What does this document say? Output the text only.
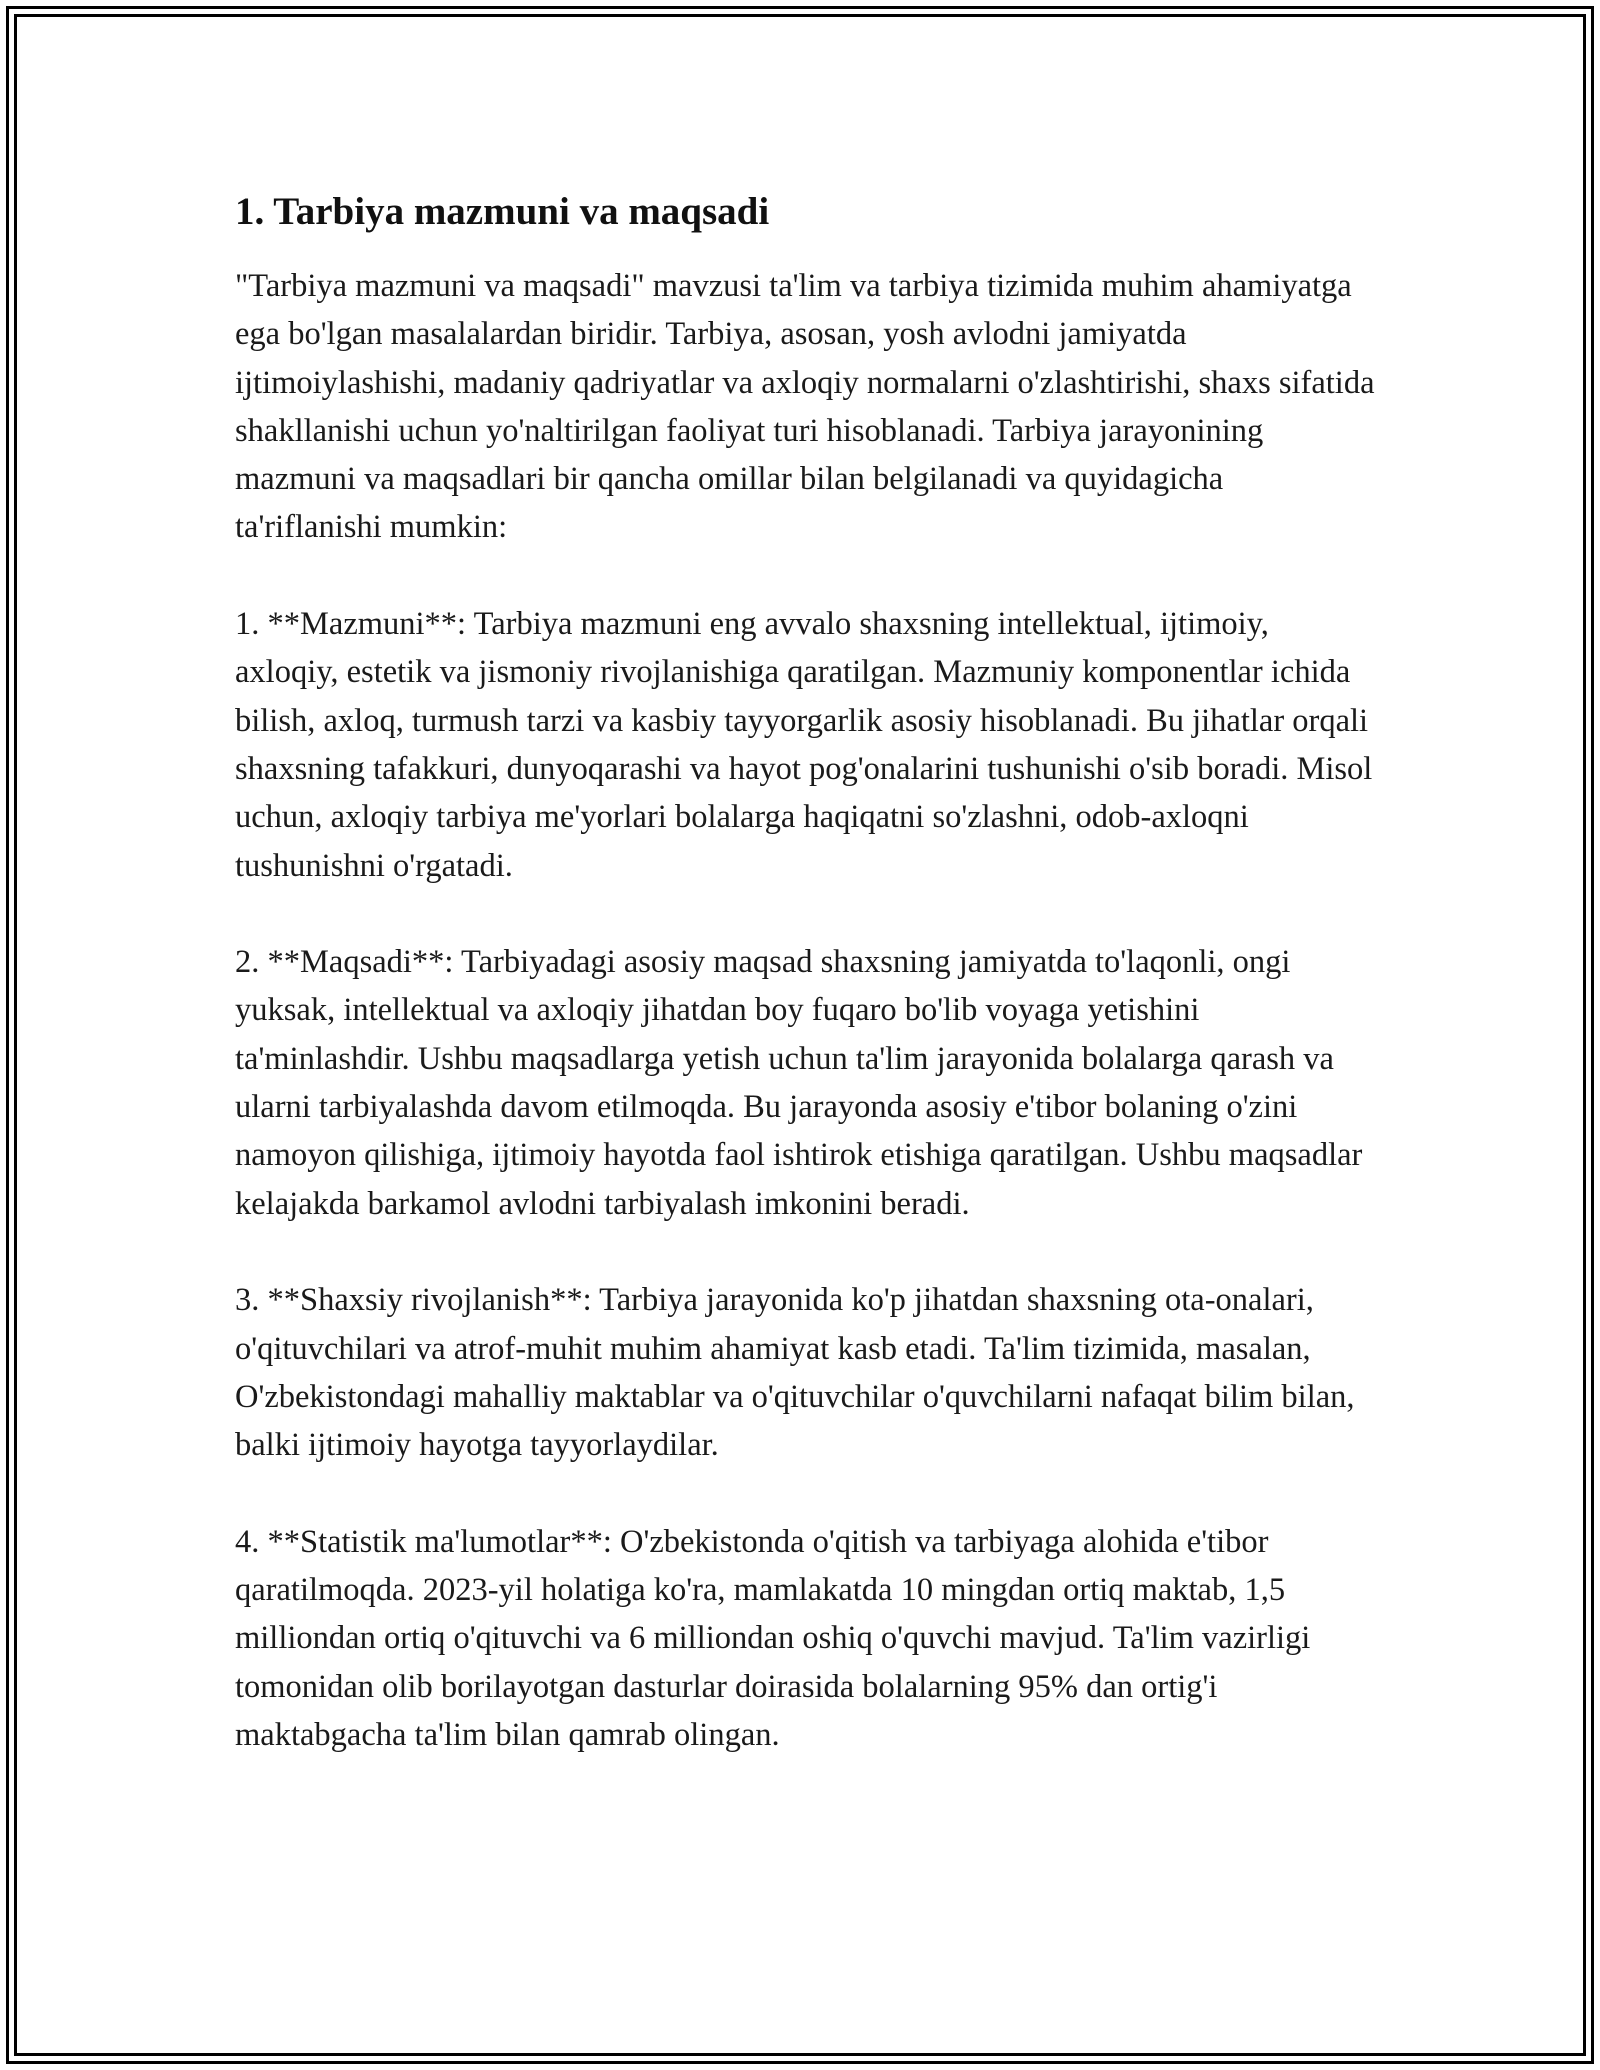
1. Tarbiya mazmuni va maqsadi

"Tarbiya mazmuni va maqsadi" mavzusi ta'lim va tarbiya tizimida muhim ahamiyatga ega bo'lgan masalalardan biridir. Tarbiya, asosan, yosh avlodni jamiyatda ijtimoiylashishi, madaniy qadriyatlar va axloqiy normalarni o'zlashtirishi, shaxs sifatida shakllanishi uchun yo'naltirilgan faoliyat turi hisoblanadi. Tarbiya jarayonining mazmuni va maqsadlari bir qancha omillar bilan belgilanadi va quyidagicha ta'riflanishi mumkin:

1. **Mazmuni**: Tarbiya mazmuni eng avvalo shaxsning intellektual, ijtimoiy, axloqiy, estetik va jismoniy rivojlanishiga qaratilgan. Mazmuniy komponentlar ichida bilish, axloq, turmush tarzi va kasbiy tayyorgarlik asosiy hisoblanadi. Bu jihatlar orqali shaxsning tafakkuri, dunyoqarashi va hayot pog'onalarini tushunishi o'sib boradi. Misol uchun, axloqiy tarbiya me'yorlari bolalarga haqiqatni so'zlashni, odob-axloqni tushunishni o'rgatadi.

2. **Maqsadi**: Tarbiyadagi asosiy maqsad shaxsning jamiyatda to'laqonli, ongi yuksak, intellektual va axloqiy jihatdan boy fuqaro bo'lib voyaga yetishini ta'minlashdir. Ushbu maqsadlarga yetish uchun ta'lim jarayonida bolalarga qarash va ularni tarbiyalashda davom etilmoqda. Bu jarayonda asosiy e'tibor bolaning o'zini namoyon qilishiga, ijtimoiy hayotda faol ishtirok etishiga qaratilgan. Ushbu maqsadlar kelajakda barkamol avlodni tarbiyalash imkonini beradi.

3. **Shaxsiy rivojlanish**: Tarbiya jarayonida ko'p jihatdan shaxsning ota-onalari, o'qituvchilari va atrof-muhit muhim ahamiyat kasb etadi. Ta'lim tizimida, masalan, O'zbekistondagi mahalliy maktablar va o'qituvchilar o'quvchilarni nafaqat bilim bilan, balki ijtimoiy hayotga tayyorlaydilar.

4. **Statistik ma'lumotlar**: O'zbekistonda o'qitish va tarbiyaga alohida e'tibor qaratilmoqda. 2023-yil holatiga ko'ra, mamlakatda 10 mingdan ortiq maktab, 1,5 milliondan ortiq o'qituvchi va 6 milliondan oshiq o'quvchi mavjud. Ta'lim vazirligi tomonidan olib borilayotgan dasturlar doirasida bolalarning 95% dan ortig'i maktabgacha ta'lim bilan qamrab olingan.
